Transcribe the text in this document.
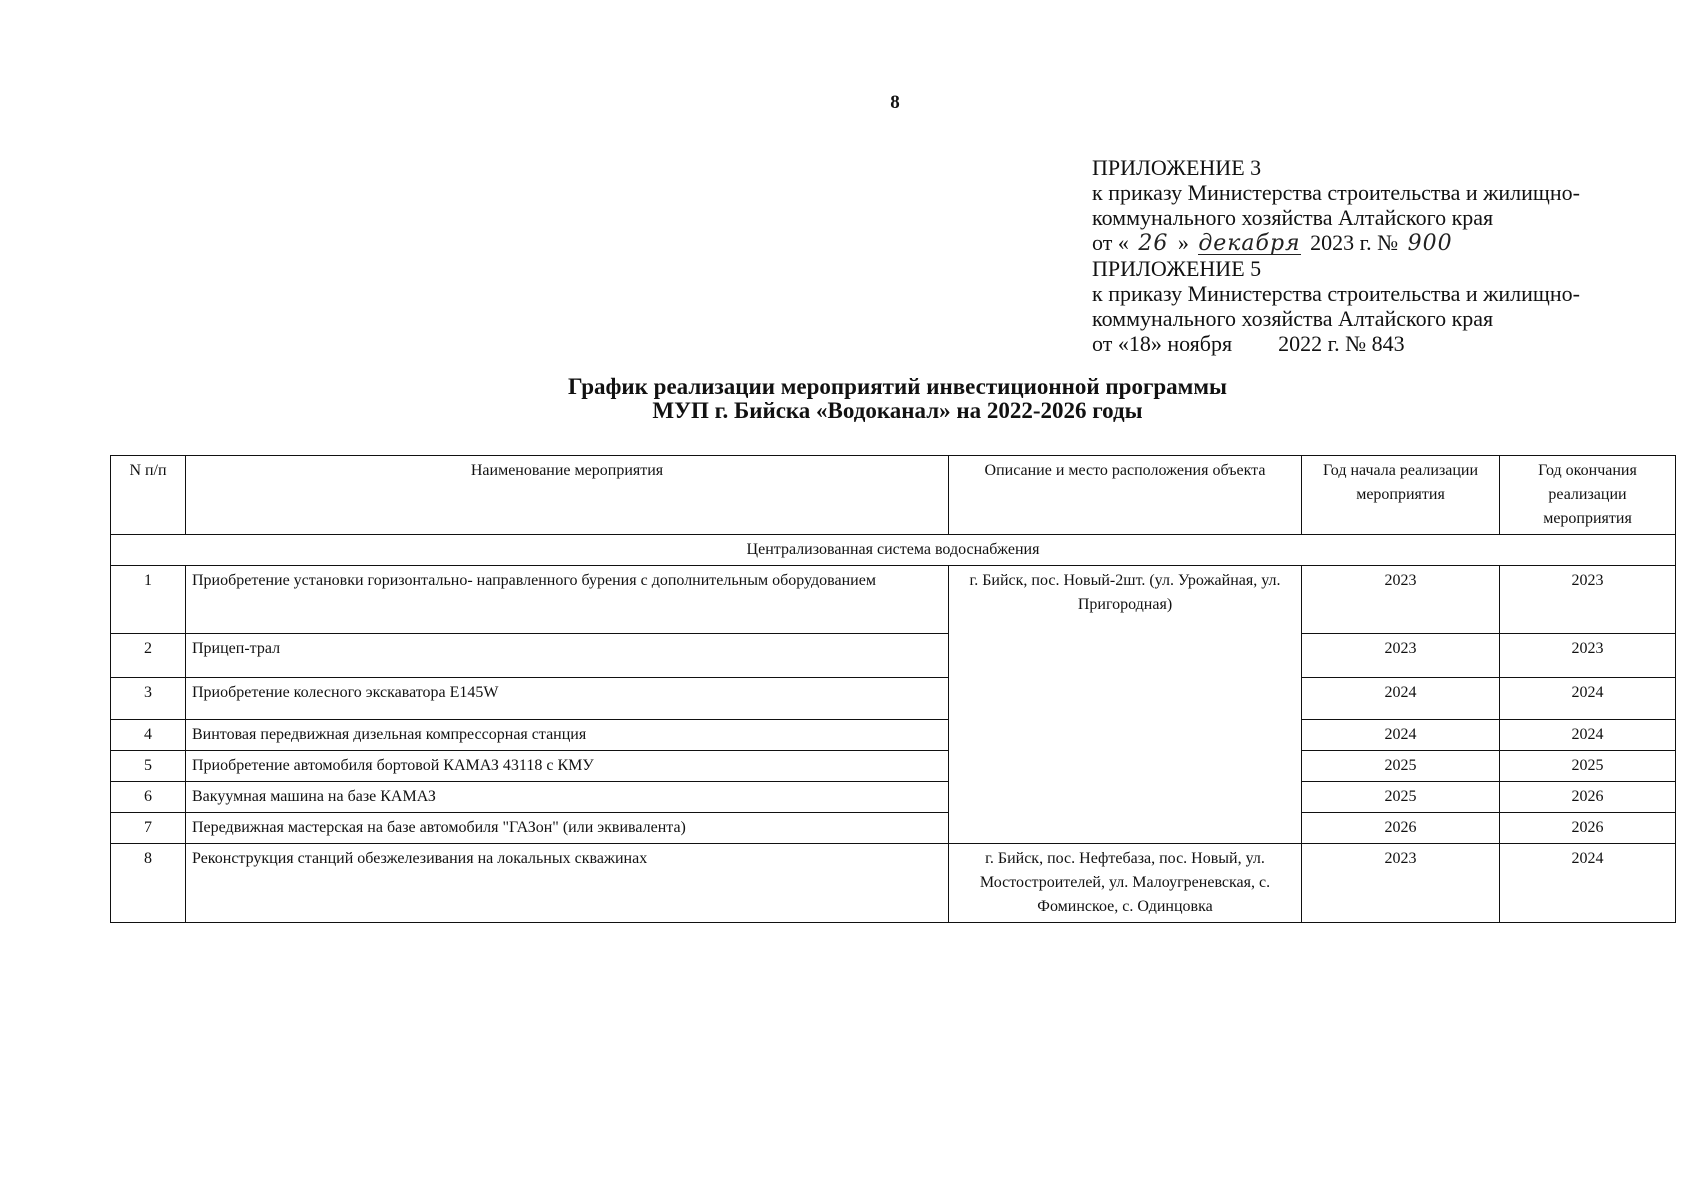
8
ПРИЛОЖЕНИЕ 3
к приказу Министерства строительства и жилищно-
коммунального хозяйства Алтайского края
от « 26 » декабря 2023 г. № 900
ПРИЛОЖЕНИЕ 5
к приказу Министерства строительства и жилищно-
коммунального хозяйства Алтайского края
от «18» ноября 2022 г. № 843
График реализации мероприятий инвестиционной программы
МУП г. Бийска «Водоканал» на 2022-2026 годы
N п/п	Наименование мероприятия	Описание и место расположения объекта	Год начала реализации мероприятия	Год окончания реализации мероприятия
Централизованная система водоснабжения				
1	Приобретение установки горизонтально- направленного бурения с дополнительным оборудованием	г. Бийск, пос. Новый-2шт. (ул. Урожайная, ул. Пригородная)	2023	2023
2	Прицеп-трал		2023	2023
3	Приобретение колесного экскаватора Е145W		2024	2024
4	Винтовая передвижная дизельная компрессорная станция		2024	2024
5	Приобретение автомобиля бортовой КАМАЗ 43118 с КМУ		2025	2025
6	Вакуумная машина на базе КАМАЗ		2025	2026
7	Передвижная мастерская на базе автомобиля "ГАЗон" (или эквивалента)		2026	2026
8	Реконструкция станций обезжелезивания на локальных скважинах	г. Бийск, пос. Нефтебаза, пос. Новый, ул. Мостостроителей, ул. Малоугреневская, с. Фоминское, с. Одинцовка	2023	2024
